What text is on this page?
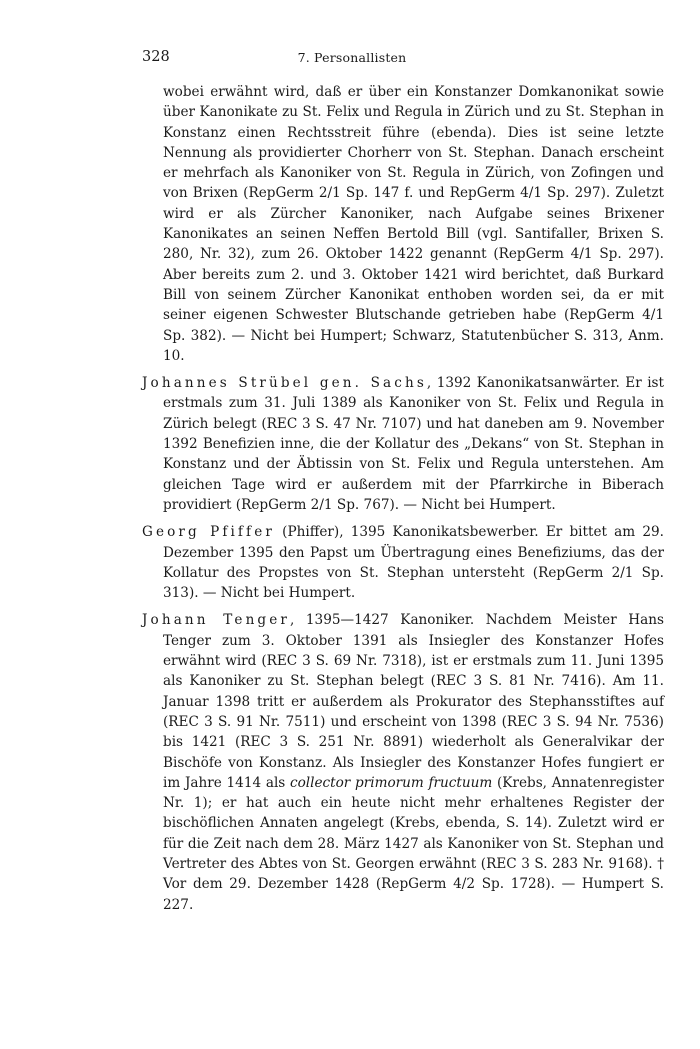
328	7. Personallisten

wobei erwähnt wird, daß er über ein Konstanzer Domkanonikat sowie über Kanonikate zu St. Felix und Regula in Zürich und zu St. Stephan in Konstanz einen Rechtsstreit führe (ebenda). Dies ist seine letzte Nennung als providierter Chorherr von St. Stephan. Danach erscheint er mehrfach als Kanoniker von St. Regula in Zürich, von Zofingen und von Brixen (RepGerm 2/1 Sp. 147 f. und RepGerm 4/1 Sp. 297). Zuletzt wird er als Zürcher Kanoniker, nach Aufgabe seines Brixener Kanonikates an seinen Neffen Bertold Bill (vgl. Santifaller, Brixen S. 280, Nr. 32), zum 26. Oktober 1422 genannt (RepGerm 4/1 Sp. 297). Aber bereits zum 2. und 3. Oktober 1421 wird berichtet, daß Burkard Bill von seinem Zürcher Kanonikat enthoben worden sei, da er mit seiner eigenen Schwester Blutschande getrieben habe (RepGerm 4/1 Sp. 382). — Nicht bei Humpert; Schwarz, Statutenbücher S. 313, Anm. 10.

Johannes Strübel gen. Sachs, 1392 Kanonikatsanwärter. Er ist erstmals zum 31. Juli 1389 als Kanoniker von St. Felix und Regula in Zürich belegt (REC 3 S. 47 Nr. 7107) und hat daneben am 9. November 1392 Benefizien inne, die der Kollatur des „Dekans“ von St. Stephan in Konstanz und der Äbtissin von St. Felix und Regula unterstehen. Am gleichen Tage wird er außerdem mit der Pfarrkirche in Biberach providiert (RepGerm 2/1 Sp. 767). — Nicht bei Humpert.

Georg Pfiffer (Phiffer), 1395 Kanonikatsbewerber. Er bittet am 29. Dezember 1395 den Papst um Übertragung eines Benefiziums, das der Kollatur des Propstes von St. Stephan untersteht (RepGerm 2/1 Sp. 313). — Nicht bei Humpert.

Johann Tenger, 1395—1427 Kanoniker. Nachdem Meister Hans Tenger zum 3. Oktober 1391 als Insiegler des Konstanzer Hofes erwähnt wird (REC 3 S. 69 Nr. 7318), ist er erstmals zum 11. Juni 1395 als Kanoniker zu St. Stephan belegt (REC 3 S. 81 Nr. 7416). Am 11. Januar 1398 tritt er außerdem als Prokurator des Stephansstiftes auf (REC 3 S. 91 Nr. 7511) und erscheint von 1398 (REC 3 S. 94 Nr. 7536) bis 1421 (REC 3 S. 251 Nr. 8891) wiederholt als Generalvikar der Bischöfe von Konstanz. Als Insiegler des Konstanzer Hofes fungiert er im Jahre 1414 als collector primorum fructuum (Krebs, Annatenregister Nr. 1); er hat auch ein heute nicht mehr erhaltenes Register der bischöflichen Annaten angelegt (Krebs, ebenda, S. 14). Zuletzt wird er für die Zeit nach dem 28. März 1427 als Kanoniker von St. Stephan und Vertreter des Abtes von St. Georgen erwähnt (REC 3 S. 283 Nr. 9168). † Vor dem 29. Dezember 1428 (RepGerm 4/2 Sp. 1728). — Humpert S. 227.
